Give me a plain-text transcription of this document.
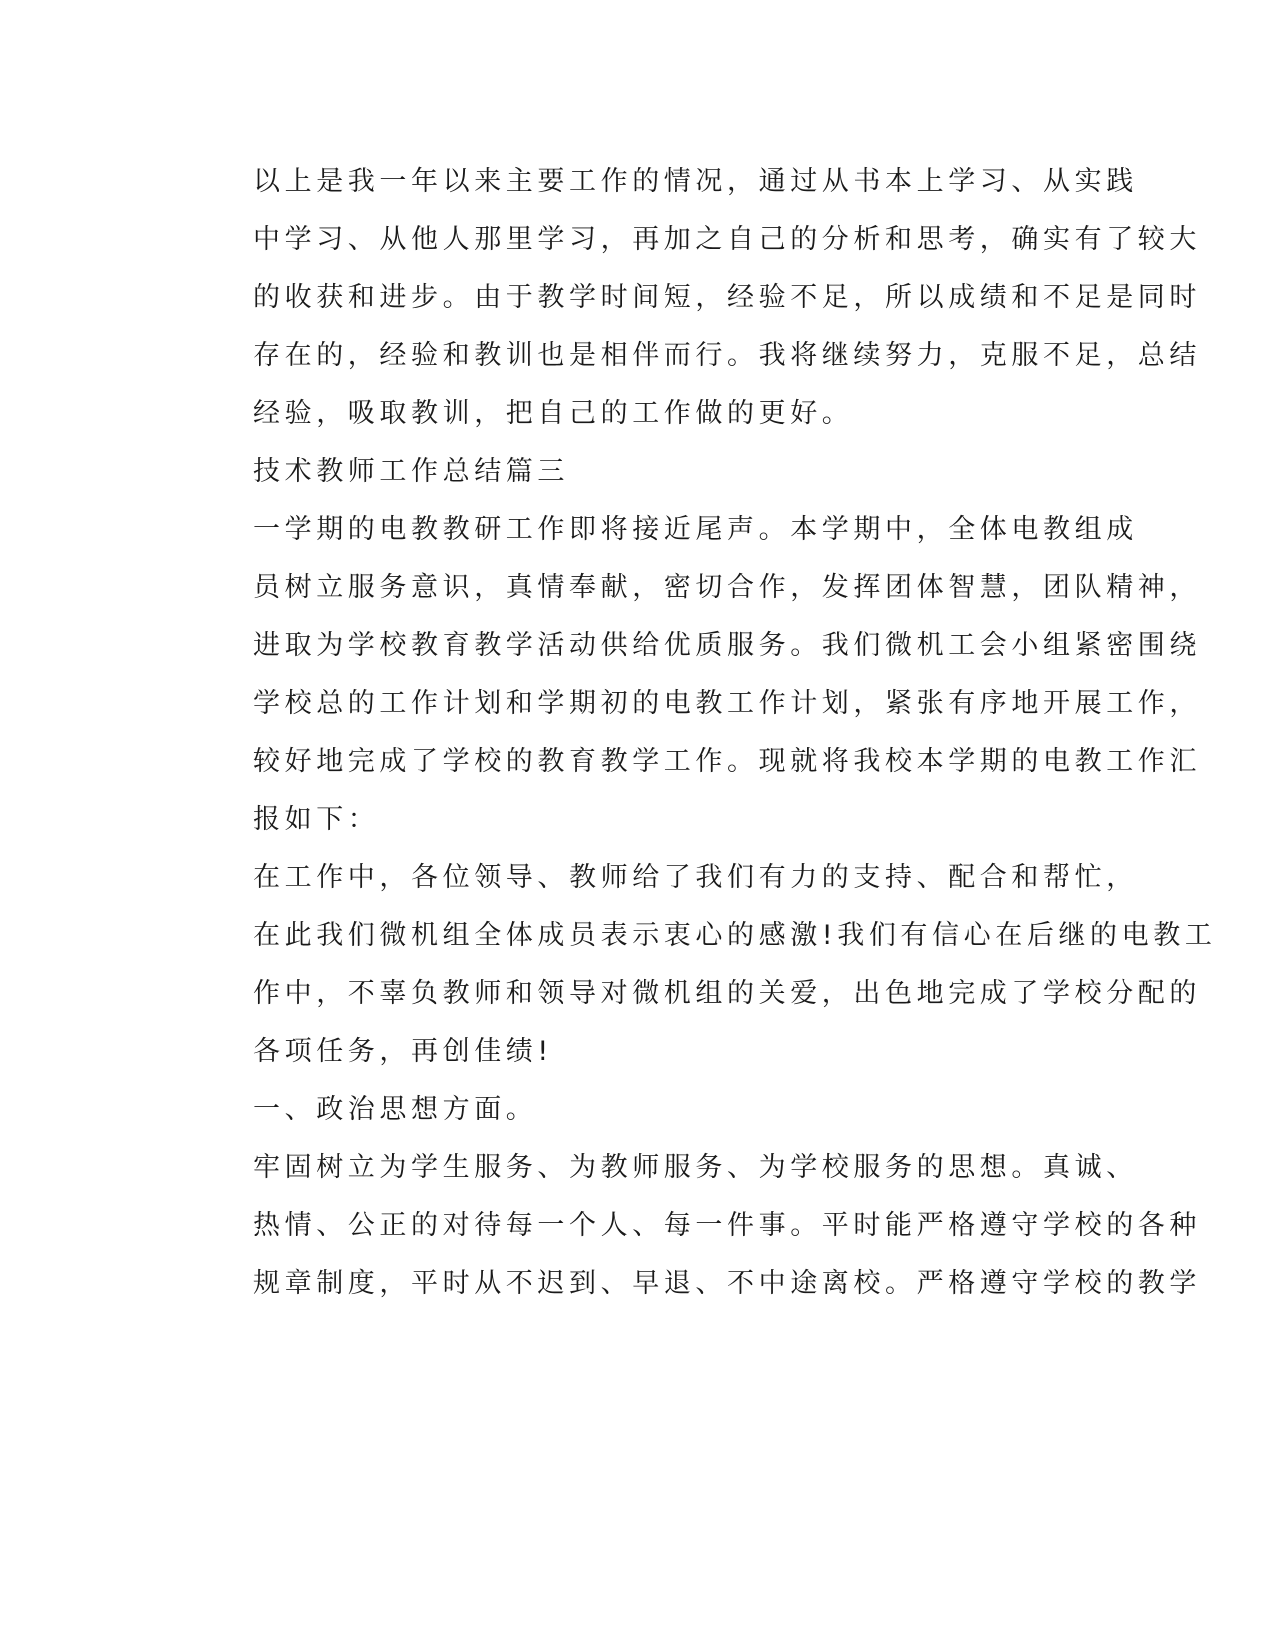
以上是我一年以来主要工作的情况，通过从书本上学习、从实践
中学习、从他人那里学习，再加之自己的分析和思考，确实有了较大
的收获和进步。由于教学时间短，经验不足，所以成绩和不足是同时
存在的，经验和教训也是相伴而行。我将继续努力，克服不足，总结
经验，吸取教训，把自己的工作做的更好。

技术教师工作总结篇三

一学期的电教教研工作即将接近尾声。本学期中，全体电教组成
员树立服务意识，真情奉献，密切合作，发挥团体智慧，团队精神，
进取为学校教育教学活动供给优质服务。我们微机工会小组紧密围绕
学校总的工作计划和学期初的电教工作计划，紧张有序地开展工作，
较好地完成了学校的教育教学工作。现就将我校本学期的电教工作汇
报如下：

在工作中，各位领导、教师给了我们有力的支持、配合和帮忙，
在此我们微机组全体成员表示衷心的感激!我们有信心在后继的电教工
作中，不辜负教师和领导对微机组的关爱，出色地完成了学校分配的
各项任务，再创佳绩!

一、政治思想方面。

牢固树立为学生服务、为教师服务、为学校服务的思想。真诚、
热情、公正的对待每一个人、每一件事。平时能严格遵守学校的各种
规章制度，平时从不迟到、早退、不中途离校。严格遵守学校的教学
